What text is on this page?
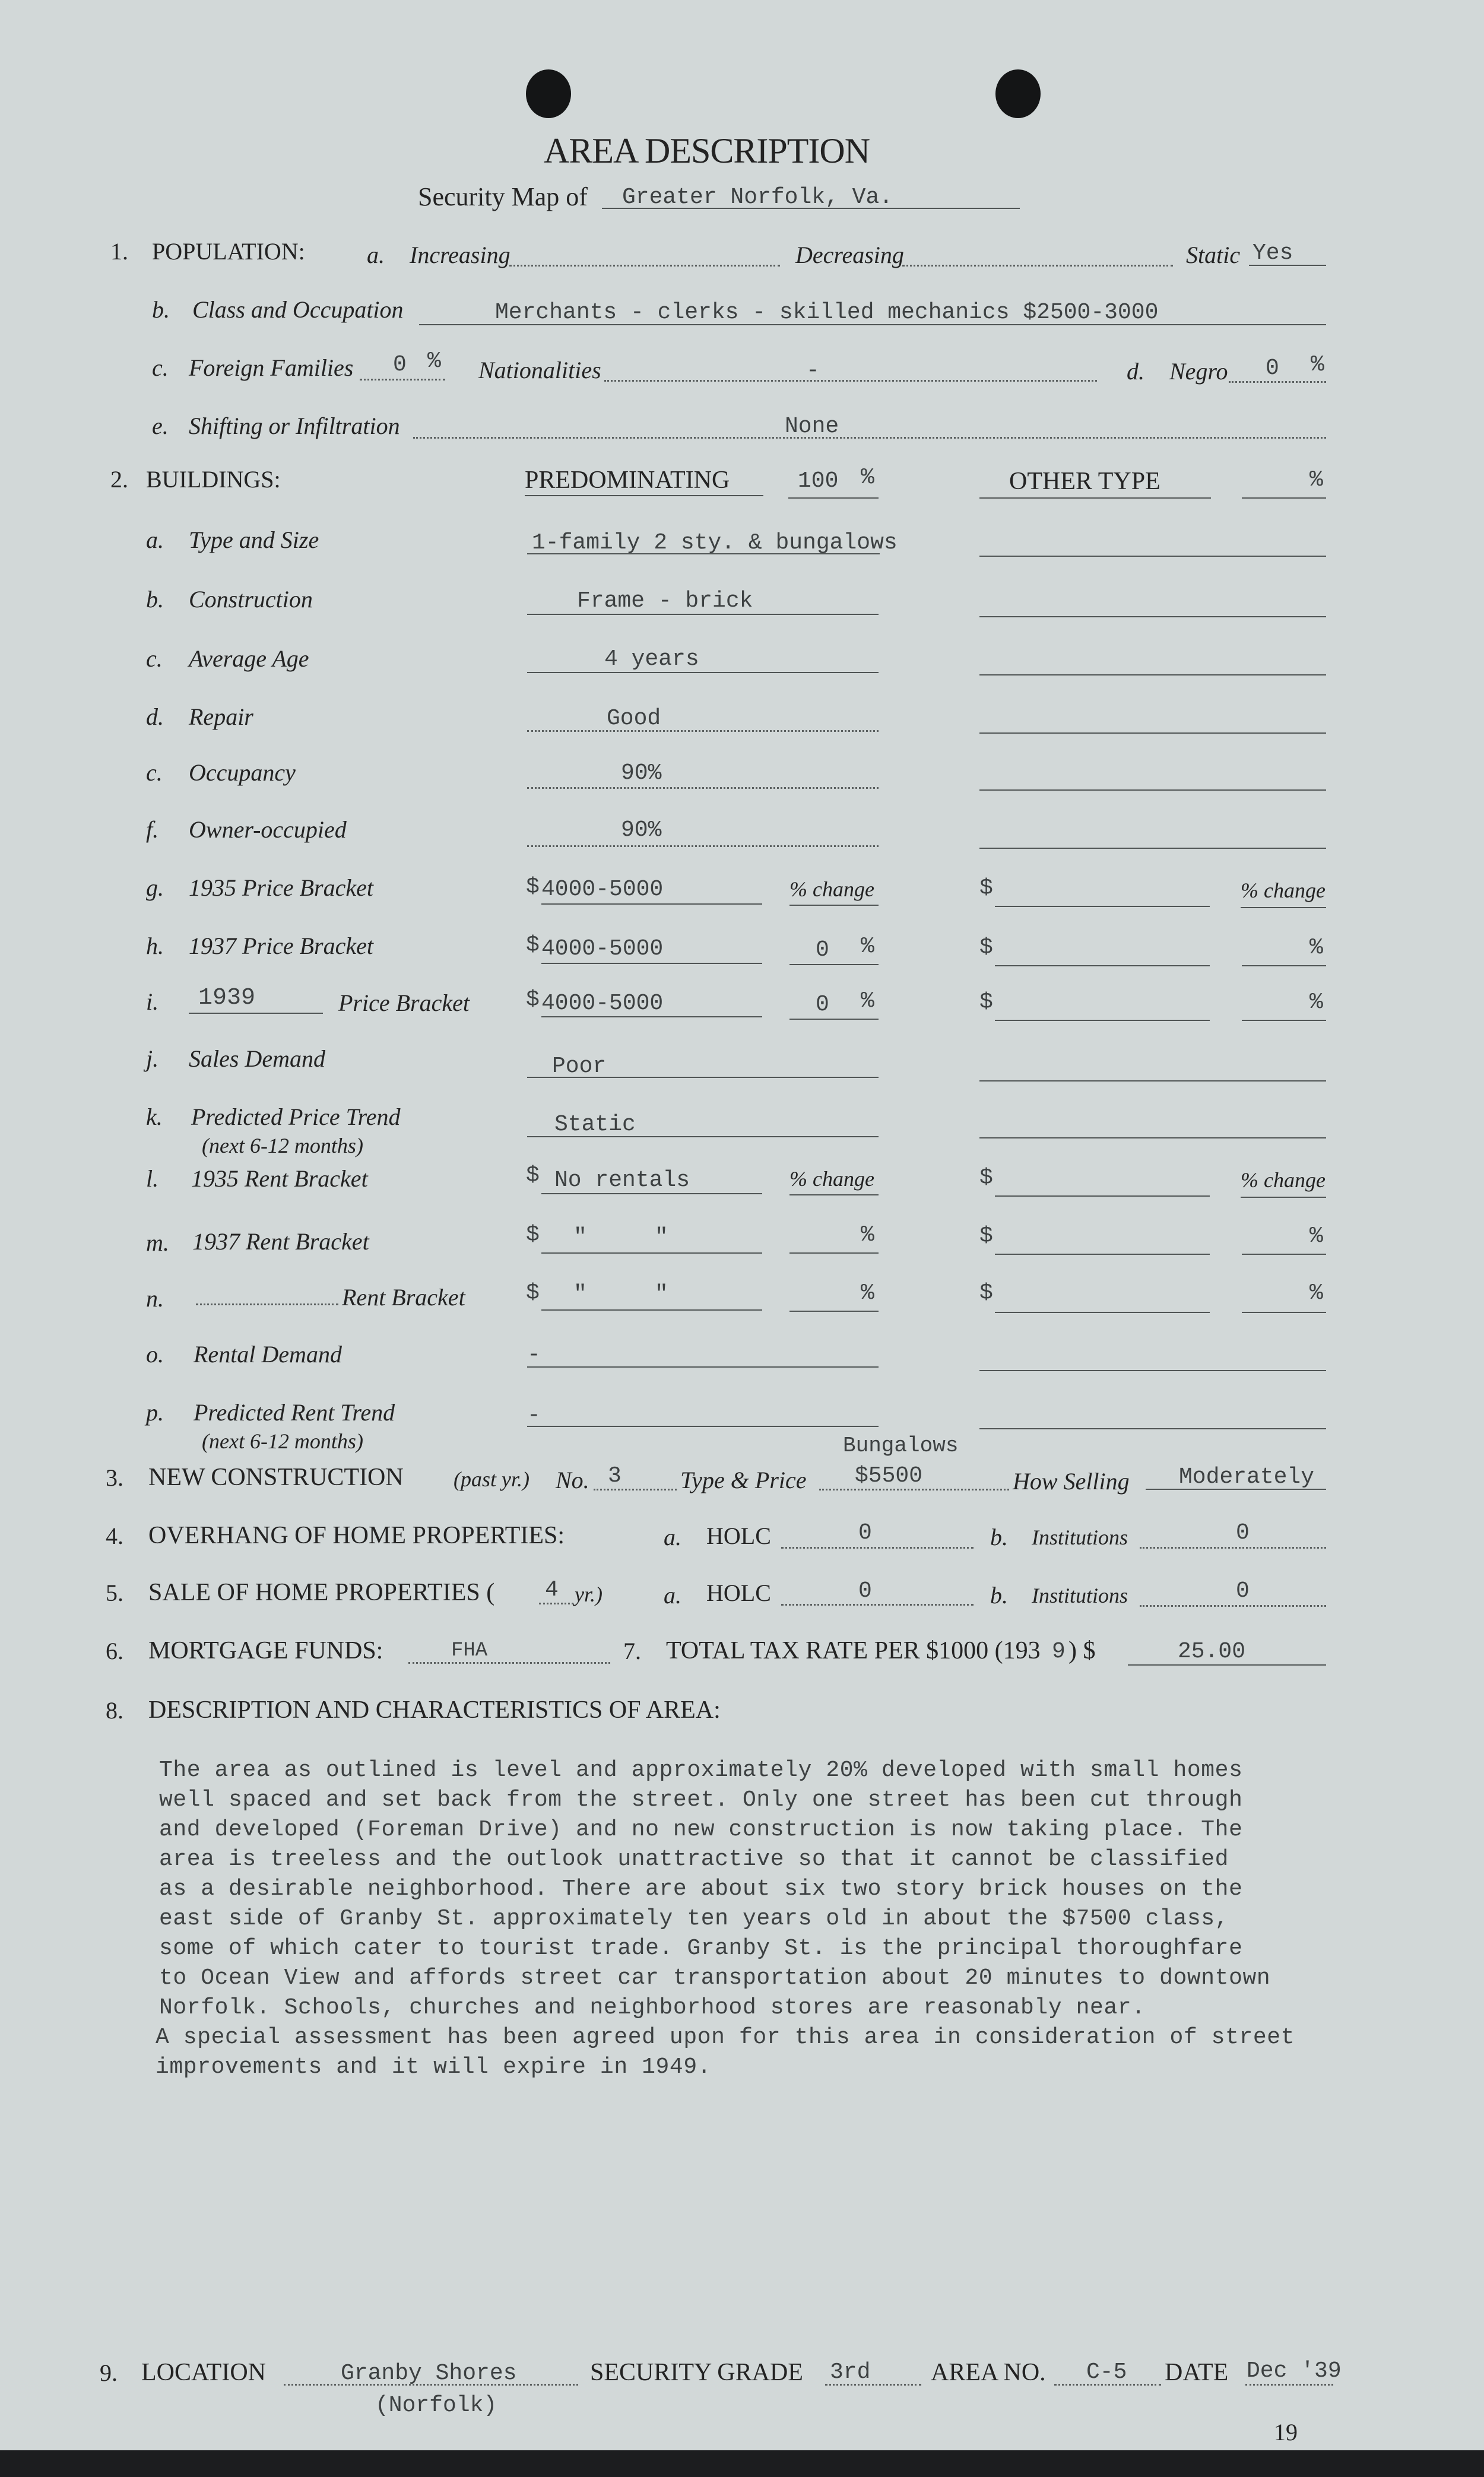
AREA DESCRIPTION
Security Map of Greater Norfolk, Va.
1. POPULATION:	a. Increasing	Decreasing	Static Yes
b. Class and Occupation	Merchants - clerks - skilled mechanics $2500-3000
c. Foreign Families 0 % Nationalities	-	d. Negro 0 %
e. Shifting or Infiltration	None
2. BUILDINGS:	PREDOMINATING	100 %	OTHER TYPE	%
a. Type and Size	1-family 2 sty. & bungalows
b. Construction	Frame - brick
c. Average Age	4 years
d. Repair	Good
c. Occupancy	90%
f. Owner-occupied	90%
g. 1935 Price Bracket	$ 4000-5000	% change	$	% change
h. 1937 Price Bracket	$ 4000-5000	0 %	$	%
i. 1939	Price Bracket	$ 4000-5000	0 %	$	%
j. Sales Demand	Poor
k. Predicted Price Trend
(next 6-12 months)
Static
l. 1935 Rent Bracket	$ No rentals	% change	$	% change
m. 1937 Rent Bracket	$ "     "	%	$	%
n.	Rent Bracket	$ "     "	%	$	%
o. Rental Demand	-
p. Predicted Rent Trend
(next 6-12 months)
-
3. NEW CONSTRUCTION (past yr.) No. 3 Type & Price
Bungalows
$5500	How Selling Moderately
4. OVERHANG OF HOME PROPERTIES:	a. HOLC	0	b. Institutions	0
5. SALE OF HOME PROPERTIES ( 4 yr.)	a. HOLC	0	b. Institutions	0
6. MORTGAGE FUNDS:	FHA	7. TOTAL TAX RATE PER $1000 (193 9 ) $	25.00
8. DESCRIPTION AND CHARACTERISTICS OF AREA:
The area as outlined is level and approximately 20% developed with small homes
well spaced and set back from the street. Only one street has been cut through
and developed (Foreman Drive) and no new construction is now taking place. The
area is treeless and the outlook unattractive so that it cannot be classified
as a desirable neighborhood. There are about six two story brick houses on the
east side of Granby St. approximately ten years old in about the $7500 class,
some of which cater to tourist trade. Granby St. is the principal thoroughfare
to Ocean View and affords street car transportation about 20 minutes to downtown
Norfolk. Schools, churches and neighborhood stores are reasonably near.
A special assessment has been agreed upon for this area in consideration of street
improvements and it will expire in 1949.
9. LOCATION	Granby Shores
(Norfolk)
SECURITY GRADE 3rd AREA NO. C-5 DATE Dec '39
19
